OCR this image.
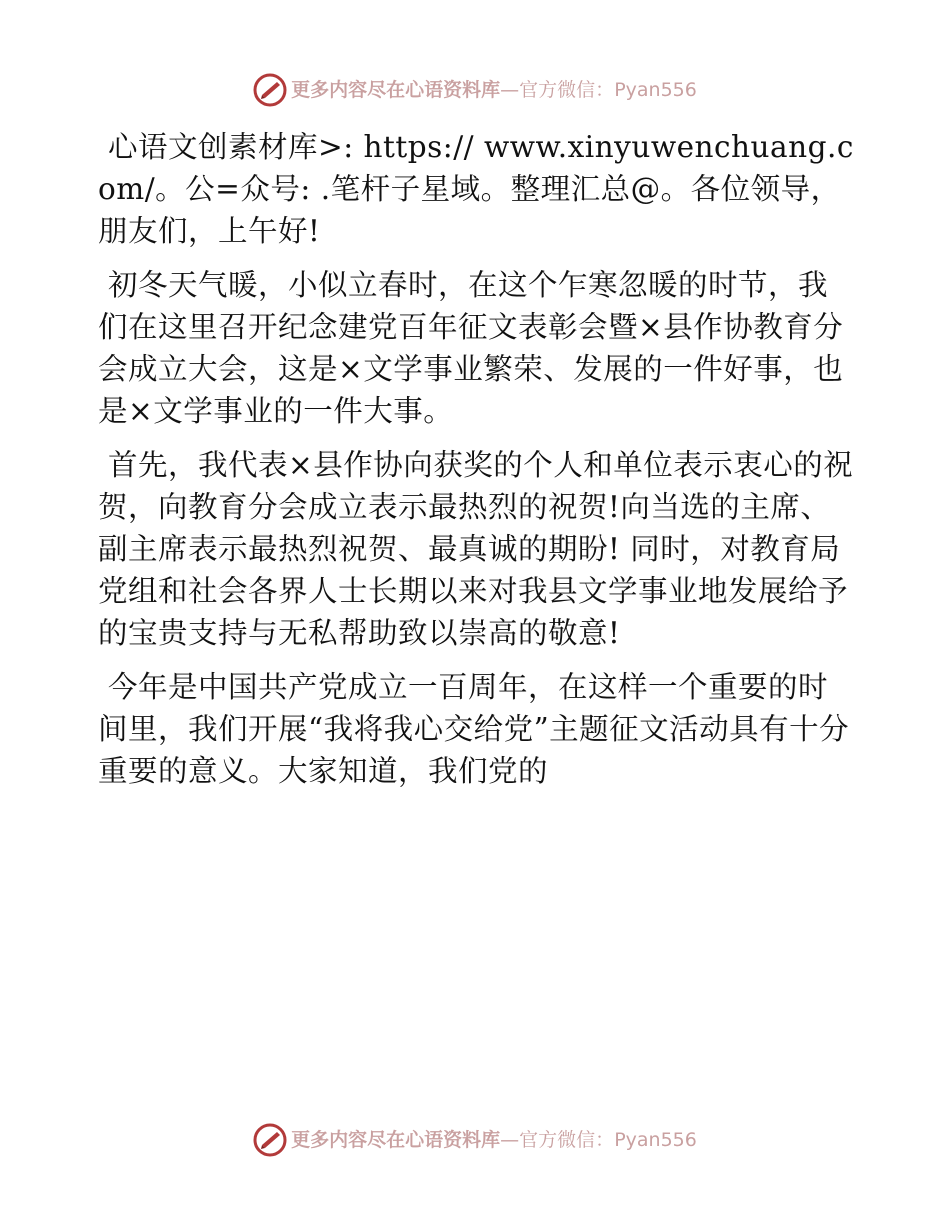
更多内容尽在心语资料库 — 官方微信： Pyan556

心语文创素材库>: https:// www.xinyuwenchuang.com/。公=众号: .笔杆子星域。整理汇总@。各位领导，朋友们，上午好!

初冬天气暖，小似立春时，在这个乍寒忽暖的时节，我们在这里召开纪念建党百年征文表彰会暨×县作协教育分会成立大会，这是×文学事业繁荣、发展的一件好事，也是×文学事业的一件大事。

首先，我代表×县作协向获奖的个人和单位表示衷心的祝贺，向教育分会成立表示最热烈的祝贺!向当选的主席、副主席表示最热烈祝贺、最真诚的期盼! 同时，对教育局党组和社会各界人士长期以来对我县文学事业地发展给予的宝贵支持与无私帮助致以崇高的敬意!

今年是中国共产党成立一百周年，在这样一个重要的时间里，我们开展“我将我心交给党”主题征文活动具有十分重要的意义。大家知道，我们党的

更多内容尽在心语资料库 — 官方微信： Pyan556
